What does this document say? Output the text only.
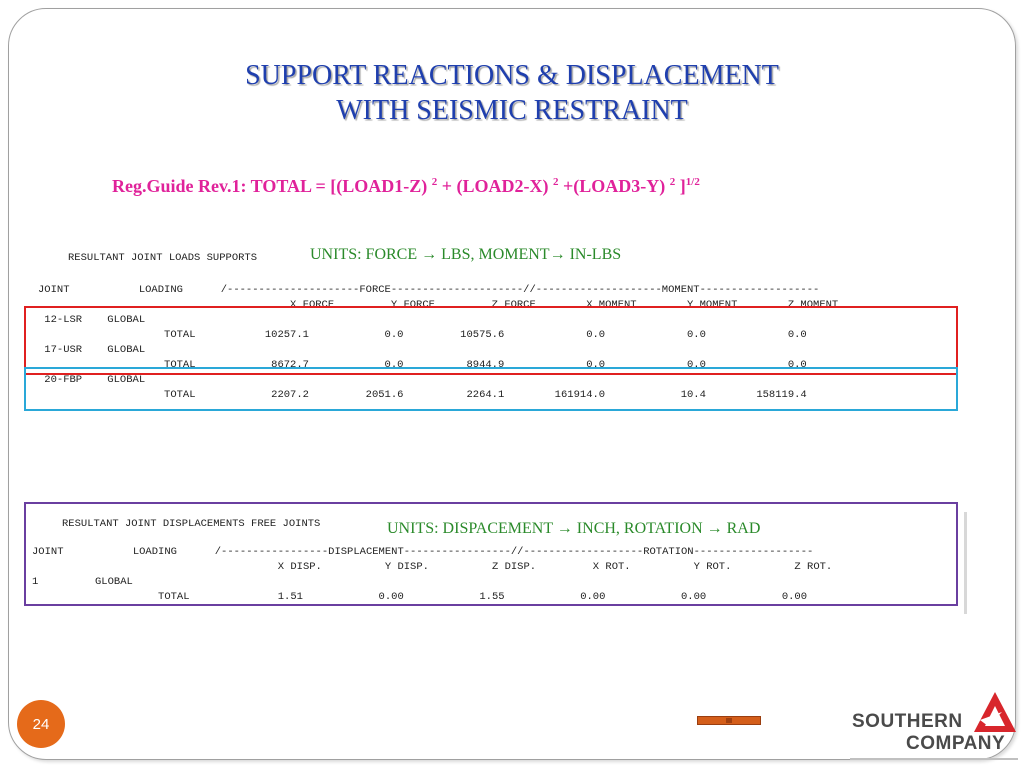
SUPPORT REACTIONS & DISPLACEMENT
WITH SEISMIC RESTRAINT
Reg.Guide Rev.1: TOTAL = [(LOAD1-Z) $^2$ + (LOAD2-X) $^2$ +(LOAD3-Y) $^2$ ]$^{1/2}$
RESULTANT JOINT LOADS SUPPORTS	UNITS: FORCE → LBS, MOMENT→ IN-LBS
JOINT           LOADING      /---------------------FORCE---------------------//--------------------MOMENT-------------------
X FORCE         Y FORCE         Z FORCE        X MOMENT        Y MOMENT        Z MOMENT
12-LSR    GLOBAL
TOTAL           10257.1            0.0         10575.6             0.0             0.0             0.0
17-USR    GLOBAL
TOTAL            8672.7            0.0          8944.9             0.0             0.0             0.0
20-FBP    GLOBAL
TOTAL            2207.2         2051.6          2264.1        161914.0            10.4        158119.4
RESULTANT JOINT DISPLACEMENTS FREE JOINTS	UNITS: DISPACEMENT → INCH, ROTATION → RAD
JOINT           LOADING      /-----------------DISPLACEMENT-----------------//-------------------ROTATION-------------------
X DISP.          Y DISP.          Z DISP.         X ROT.          Y ROT.          Z ROT.
1         GLOBAL
TOTAL              1.51            0.00            1.55            0.00            0.00            0.00
24	SOUTHERN
COMPANY
